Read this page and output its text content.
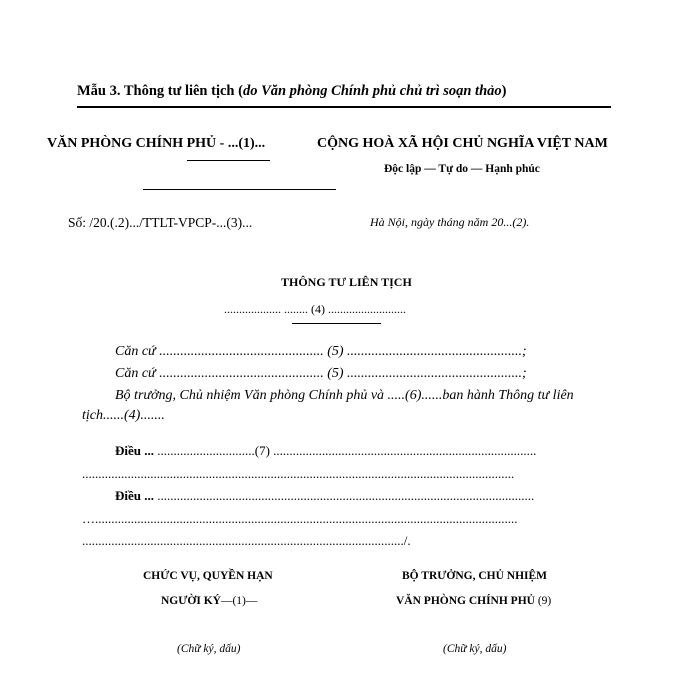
Mẫu 3. Thông tư liên tịch (do Văn phòng Chính phủ chủ trì soạn thảo)
VĂN PHÒNG CHÍNH PHỦ - ...(1)...	CỘNG HOÀ XÃ HỘI CHỦ NGHĨA VIỆT NAM
Độc lập — Tự do — Hạnh phúc
Số: /20.(.2).../TTLT-VPCP-...(3)...	Hà Nội, ngày tháng năm 20...(2).
THÔNG TƯ LIÊN TỊCH
................... ........ (4) ..........................
Căn cứ ............................................... (5) ..................................................;
Căn cứ ............................................... (5) ..................................................;
Bộ trưởng, Chủ nhiệm Văn phòng Chính phủ và .....(6)......ban hành Thông tư liên
tịch......(4).......
Điều ... ..............................(7) .................................................................................
.....................................................................................................................................
Điều ... ....................................................................................................................
…..................................................................................................................................
.................................................................................................../.
CHỨC VỤ, QUYỀN HẠN
NGƯỜI KÝ—(1)—
(Chữ ký, dấu)
BỘ TRƯỞNG, CHỦ NHIỆM
VĂN PHÒNG CHÍNH PHỦ (9)
(Chữ ký, dấu)
